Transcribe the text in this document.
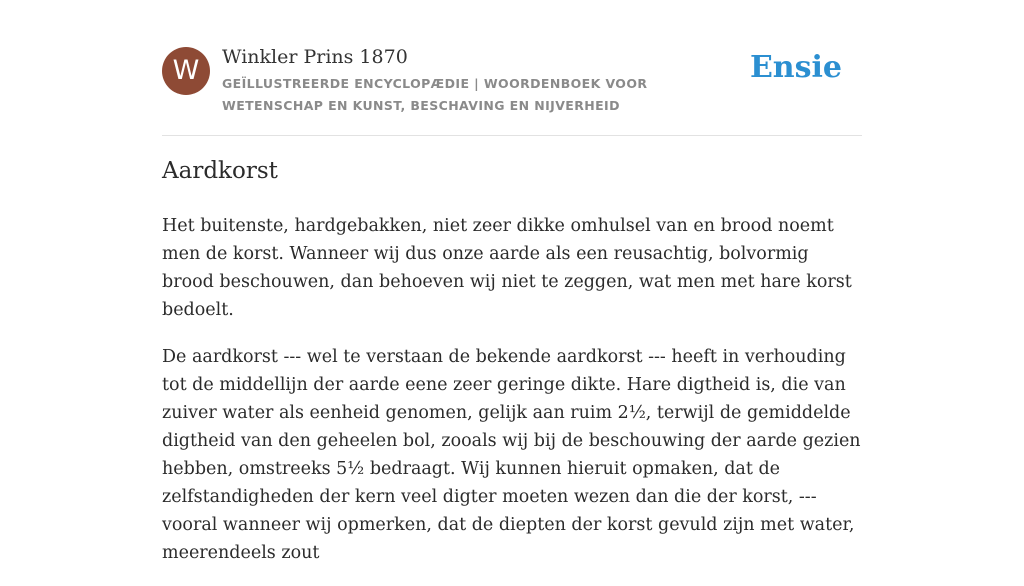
W	Winkler Prins 1870
GEÏLLUSTREERDE ENCYCLOPÆDIE | WOORDENBOEK VOOR WETENSCHAP EN KUNST, BESCHAVING EN NIJVERHEID
Ensie
Aardkorst

Het buitenste, hardgebakken, niet zeer dikke omhulsel van en brood noemt men de korst. Wanneer wij dus onze aarde als een reusachtig, bolvormig brood beschouwen, dan behoeven wij niet te zeggen, wat men met hare korst bedoelt.

De aardkorst --- wel te verstaan de bekende aardkorst --- heeft in verhouding tot de middellijn der aarde eene zeer geringe dikte. Hare digtheid is, die van zuiver water als eenheid genomen, gelijk aan ruim 2½, terwijl de gemiddelde digtheid van den geheelen bol, zooals wij bij de beschouwing der aarde gezien hebben, omstreeks 5½ bedraagt. Wij kunnen hieruit opmaken, dat de zelfstandigheden der kern veel digter moeten wezen dan die der korst, --- vooral wanneer wij opmerken, dat de diepten der korst gevuld zijn met water, meerendeels zout
